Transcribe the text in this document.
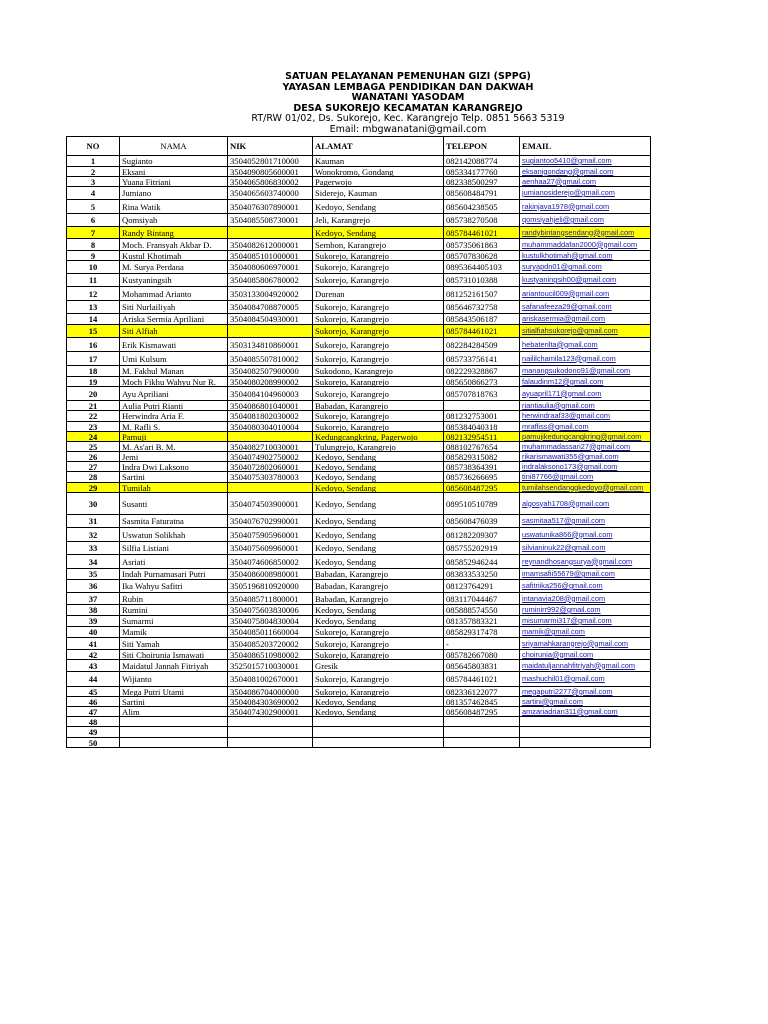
SATUAN PELAYANAN PEMENUHAN GIZI (SPPG)
YAYASAN LEMBAGA PENDIDIKAN DAN DAKWAH
WANATANI YASODAM
DESA SUKOREJO KECAMATAN KARANGREJO
RT/RW 01/02, Ds. Sukorejo, Kec. Karangrejo Telp. 0851 5663 5319
Email: mbgwanatani@gmail.com
NO	NAMA	NIK	ALAMAT	TELEPON	EMAIL
1	Sugianto	3504052801710000	Kauman	082142088774	sugiantoo5410@gmail.com
2	Eksani	3504090805600001	Wonokromo, Gondang	085334177760	eksanigondang@gmail.com
3	Yuana Fitriani	3504065806830002	Pagerwojo	082338500297	aenhaa27@gmail.com
4	Jumiano	3504065603740000	Siderejo, Kauman	085608484791	jumianosiderejo@gmail.com
5	Rina Watik	3504076307890001	Kedoyo, Sendang	085604238505	rakinjava1978@gmail.com
6	Qomsiyah	3504085508730001	Jeli, Karangrejo	085738270508	qomsiyahjeli@gmail.com
7	Randy Bintang		Kedoyo, Sendang	085784461021	randybintangsendang@gmail.com
8	Moch. Fransyah Akbar D.	3504082612000001	Sembon, Karangrejo	085735061863	muhammaddafan2000@gmail.com
9	Kustul Khotimah	3504085101000001	Sukorejo, Karangrejo	085707830628	kustulkhotimah@gmail.com
10	M. Surya Perdana	3504080606970001	Sukorejo, Karangrejo	0895364405103	suryapdn01@gmail.com
11	Kustyaningsih	3504085806780002	Sukorejo, Karangrejo	085731010388	kustyaningsih00@gmail.com
12	Mohammad Arianto	3503133004920002	Durenan	081252161507	ariantoucil009@gmail.com
13	Siti Nurlailiyah	3504084708870005	Sukorejo, Karangrejo	085646732758	safanafeeza29@gmail.com
14	Ariska Sermia Apriliani	3504084504930001	Sukorejo, Karangrejo	085843506187	ariskasermia@gmail.com
15	Siti Alfiah		Sukorejo, Karangrejo	085784461021	sitialfiahsukorejo@gmail.com
16	Erik Kismawati	3503134810860001	Sukorejo, Karangrejo	082284284509	hebaterilta@gmail.com
17	Umi Kulsum	3504085507810002	Sukorejo, Karangrejo	085733756141	naililchamila123@gmail.com
18	M. Fakhul Manan	3504082507900000	Sukodono, Karangrejo	082229328867	manangsukodono91@gmail.com
19	Moch Fikhu Wahyu Nur R.	3504080208990002	Sukorejo, Karangrejo	085650866273	falaudinm12@gmail.com
20	Ayu Apriliani	3504084104960003	Sukorejo, Karangrejo	085707818763	ayuapril171@gmail.com
21	Aulia Putri Rianti	3504086801040001	Babadan, Karangrejo		riantiaulia@gmail.com
22	Herwindra Aria F.	3504081802030002	Sukorejo, Karangrejo	081232753001	herwindraaf33@gmail.com
23	M. Rafli S.	3504080304010004	Sukorejo, Karangrejo	085384040318	mrafliss@gmail.com
24	Pamuji		Kedungcangkring, Pagerwojo	082132954511	pamujikedungcangkring@gmail.com
25	M. As'ari B. M.	3504082710030001	Tulungrejo, Karangrejo	088102767654	muhammadassari27@gmail.com
26	Jemi	3504074902750002	Kedoyo, Sendang	085829315082	rikarismawati355@gmail.com
27	Indra Dwi Laksono	3504072802060001	Kedoyo, Sendang	085738364391	indralaksono173@gmail.com
28	Sartini	3504075303780003	Kedoyo, Sendang	085736266695	tini87766@gmail.com
29	Tumilah		Kedoyo, Sendang	085608487295	tumilahsendanggkedoyo@gmail.com
30	Susanti	3504074503900001	Kedoyo, Sendang	089510510789	algosyah1708@gmail.com
31	Sasmita Faturatna	3504076702990001	Kedoyo, Sendang	085608476039	sasmitaa517@gmail.com
32	Uswatun Solikhah	3504075905960001	Kedoyo, Sendang	081282209307	uswatunika866@gmail.com
33	Silfia Listiani	3504075609960001	Kedoyo, Sendang	085755202919	silvianinuk22@gmail.com
34	Asriati	3504074606850002	Kedoyo, Sendang	085852946244	reynandhosangsurya@gmail.com
35	Indah Purnamasari Putri	3504086008980001	Babadan, Karangrejo	083833533250	imamsafii55679@gmail.com
36	Ika Wahyu Safitri	3505196810920000	Babadan, Karangrejo	08123764291	safitriika256@gmail.com
37	Rubin	3504085711800001	Babadan, Karangrejo	083117044467	intanavia208@gmail.com
38	Rumini	3504075603830006	Kedoyo, Sendang	085888574550	ruminirr992@gmail.com
39	Sumarmi	3504075804830004	Kedoyo, Sendang	081357883321	misumarmi317@gmail.com
40	Mamik	3504085011660004	Sukorejo, Karangrejo	085829317478	mamik@gmail.com
41	Siti Yamah	3504085203720002	Sukorejo, Karangrejo	-	sriyamahkarangrejo@gmail.com
42	Siti Choirunia Ismawati	3504086510980002	Sukorejo, Karangrejo	085782667080	choirunia@gmail.com
43	Maidatul Jannah Fitriyah	3525015710030001	Gresik	085645803831	maidatuljannahfitriyah@gmail.com
44	Wijianto	3504081002670001	Sukorejo, Karangrejo	085784461021	mashuchil01@gmail.com
45	Mega Putri Utami	3504086704000000	Sukorejo, Karangrejo	082336122077	megaputri2277@gmail.com
46	Sartini	3504084303690002	Kedoyo, Sendang	081357462845	sartini@gmail.com
47	Alim	3504074302900001	Kedoyo, Sendang	085608487295	amzariadrian311@gmail.com
48					
49					
50					
